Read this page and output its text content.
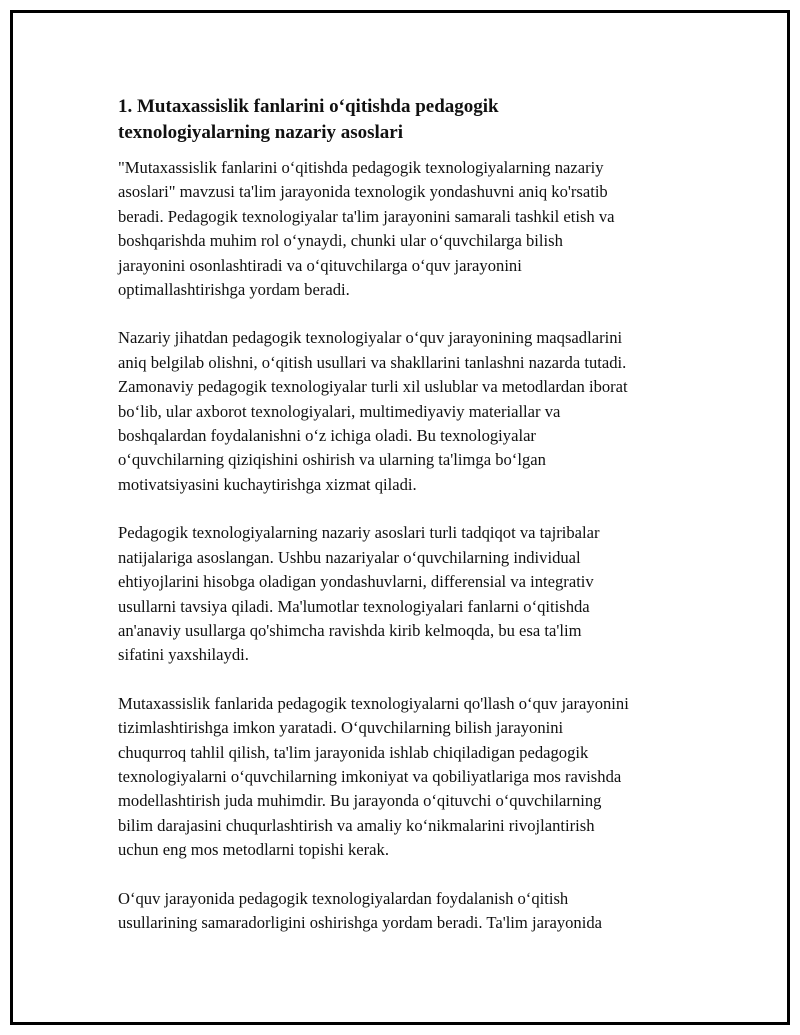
1. Mutaxassislik fanlarini o‘qitishda pedagogik
texnologiyalarning nazariy asoslari

"Mutaxassislik fanlarini o‘qitishda pedagogik texnologiyalarning nazariy
asoslari" mavzusi ta'lim jarayonida texnologik yondashuvni aniq ko'rsatib
beradi. Pedagogik texnologiyalar ta'lim jarayonini samarali tashkil etish va
boshqarishda muhim rol o‘ynaydi, chunki ular o‘quvchilarga bilish
jarayonini osonlashtiradi va o‘qituvchilarga o‘quv jarayonini
optimallashtirishga yordam beradi.

Nazariy jihatdan pedagogik texnologiyalar o‘quv jarayonining maqsadlarini
aniq belgilab olishni, o‘qitish usullari va shakllarini tanlashni nazarda tutadi.
Zamonaviy pedagogik texnologiyalar turli xil uslublar va metodlardan iborat
bo‘lib, ular axborot texnologiyalari, multimediyaviy materiallar va
boshqalardan foydalanishni o‘z ichiga oladi. Bu texnologiyalar
o‘quvchilarning qiziqishini oshirish va ularning ta'limga bo‘lgan
motivatsiyasini kuchaytirishga xizmat qiladi.

Pedagogik texnologiyalarning nazariy asoslari turli tadqiqot va tajribalar
natijalariga asoslangan. Ushbu nazariyalar o‘quvchilarning individual
ehtiyojlarini hisobga oladigan yondashuvlarni, differensial va integrativ
usullarni tavsiya qiladi. Ma'lumotlar texnologiyalari fanlarni o‘qitishda
an'anaviy usullarga qo'shimcha ravishda kirib kelmoqda, bu esa ta'lim
sifatini yaxshilaydi.

Mutaxassislik fanlarida pedagogik texnologiyalarni qo'llash o‘quv jarayonini
tizimlashtirishga imkon yaratadi. O‘quvchilarning bilish jarayonini
chuqurroq tahlil qilish, ta'lim jarayonida ishlab chiqiladigan pedagogik
texnologiyalarni o‘quvchilarning imkoniyat va qobiliyatlariga mos ravishda
modellashtirish juda muhimdir. Bu jarayonda o‘qituvchi o‘quvchilarning
bilim darajasini chuqurlashtirish va amaliy ko‘nikmalarini rivojlantirish
uchun eng mos metodlarni topishi kerak.

O‘quv jarayonida pedagogik texnologiyalardan foydalanish o‘qitish
usullarining samaradorligini oshirishga yordam beradi. Ta'lim jarayonida
